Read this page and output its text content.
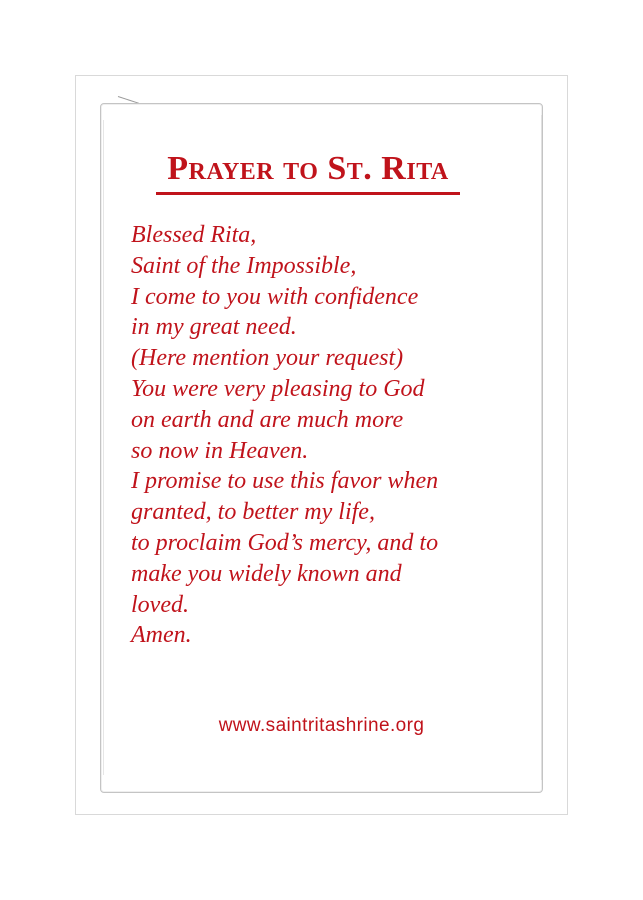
Prayer to St. Rita
Blessed Rita,
Saint of the Impossible,
I come to you with confidence
in my great need.
(Here mention your request)
You were very pleasing to God
on earth and are much more
so now in Heaven.
I promise to use this favor when
granted, to better my life,
to proclaim God’s mercy, and to
make you widely known and
loved.
Amen.
www.saintritashrine.org
